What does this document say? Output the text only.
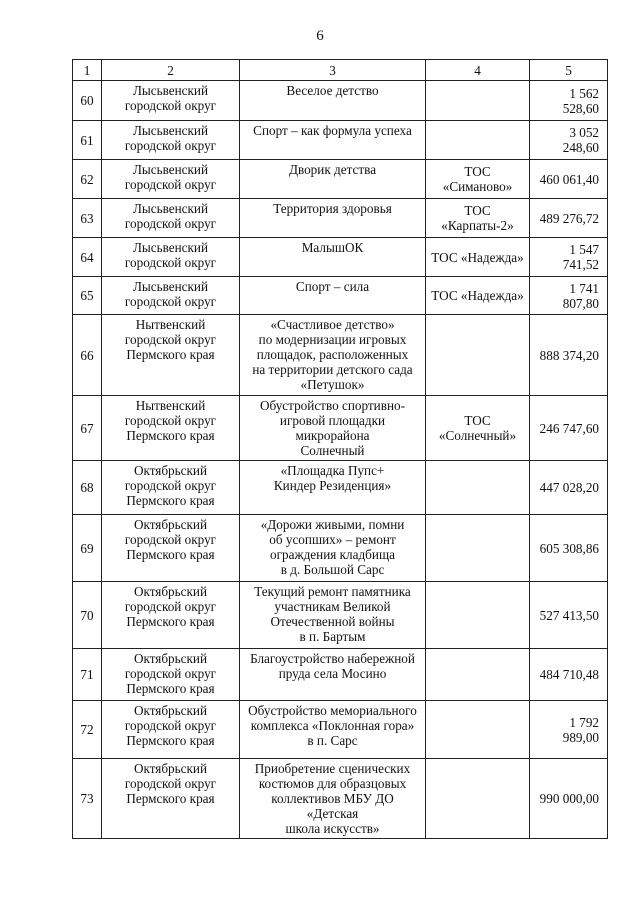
6
1	2	3	4	5

60	Лысьвенский
городской округ	Веселое детство		1 562 528,60

61	Лысьвенский
городской округ	Спорт – как формула успеха		3 052 248,60

62	Лысьвенский
городской округ	Дворик детства	ТОС «Симаново»	460 061,40

63	Лысьвенский
городской округ	Территория здоровья	ТОС
«Карпаты-2»	489 276,72

64	Лысьвенский
городской округ	МалышОК	ТОС «Надежда»	1 547 741,52

65	Лысьвенский
городской округ	Спорт – сила	ТОС «Надежда»	1 741 807,80

66	Нытвенский
городской округ
Пермского края	«Счастливое детство»
по модернизации игровых
площадок, расположенных
на территории детского сада
«Петушок»		888 374,20

67	Нытвенский
городской округ
Пермского края	Обустройство спортивно-
игровой площадки микрорайона
Солнечный	ТОС
«Солнечный»	246 747,60

68	Октябрьский
городской округ
Пермского края	«Площадка Пупс+
Киндер Резиденция»		447 028,20

69	Октябрьский
городской округ
Пермского края	«Дорожи живыми, помни
об усопших» – ремонт
ограждения кладбища
в д. Большой Сарс		605 308,86

70	Октябрьский
городской округ
Пермского края	Текущий ремонт памятника
участникам Великой
Отечественной войны
в п. Бартым		527 413,50

71	Октябрьский
городской округ
Пермского края	Благоустройство набережной
пруда села Мосино		484 710,48

72	Октябрьский
городской округ
Пермского края	Обустройство мемориального
комплекса «Поклонная гора»
в п. Сарс		1 792 989,00

73	Октябрьский
городской округ
Пермского края	Приобретение сценических
костюмов для образцовых
коллективов МБУ ДО «Детская
школа искусств»		990 000,00
